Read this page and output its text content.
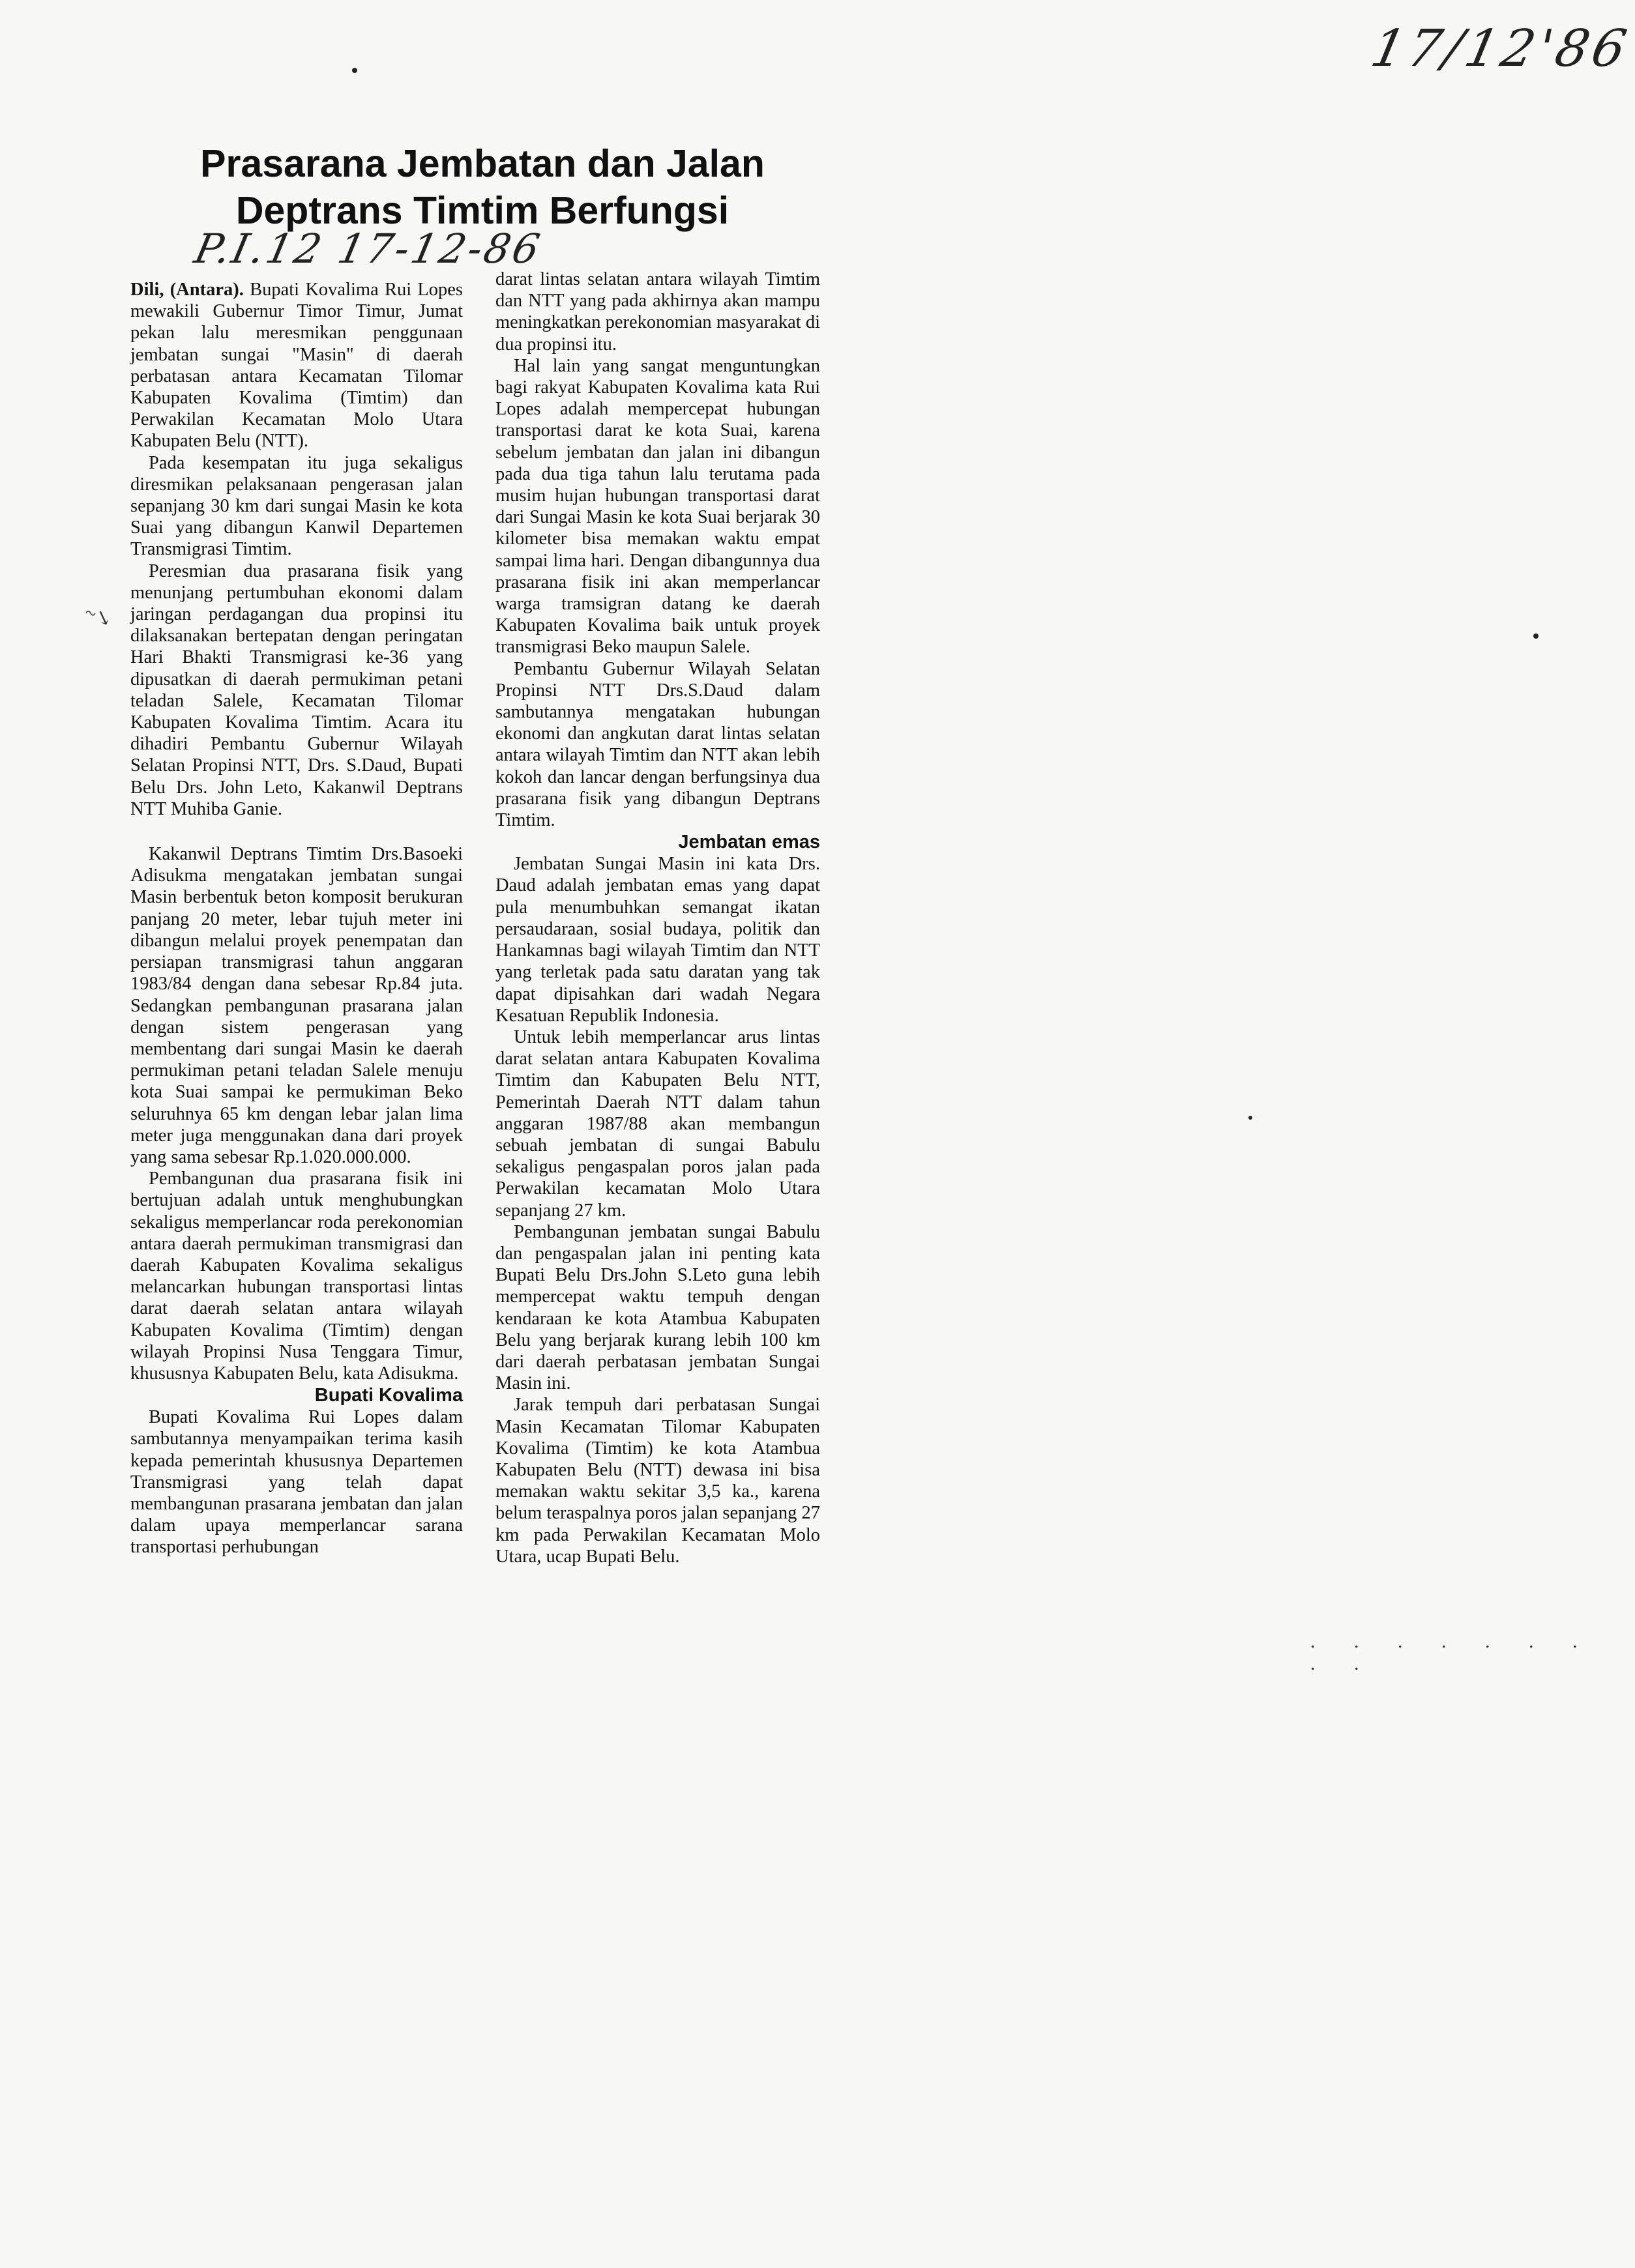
17/12'86
P.I.12 17-12-86
~↘
. . . . . . . . .
Prasarana Jembatan dan Jalan Deptrans Timtim Berfungsi

Dili, (Antara). Bupati Kovalima Rui Lopes mewakili Gubernur Timor Timur, Jumat pekan lalu meresmikan penggunaan jembatan sungai "Masin" di daerah perbatasan antara Kecamatan Tilomar Kabupaten Kovalima (Timtim) dan Perwakilan Kecamatan Molo Utara Kabupaten Belu (NTT).

Pada kesempatan itu juga sekaligus diresmikan pelaksanaan pengerasan jalan sepanjang 30 km dari sungai Masin ke kota Suai yang dibangun Kanwil Departemen Transmigrasi Timtim.

Peresmian dua prasarana fisik yang menunjang pertumbuhan ekonomi dalam jaringan perdagangan dua propinsi itu dilaksanakan bertepatan dengan peringatan Hari Bhakti Transmigrasi ke-36 yang dipusatkan di daerah permukiman petani teladan Salele, Kecamatan Tilomar Kabupaten Kovalima Timtim. Acara itu dihadiri Pembantu Gubernur Wilayah Selatan Propinsi NTT, Drs. S.Daud, Bupati Belu Drs. John Leto, Kakanwil Deptrans NTT Muhiba Ganie.

Kakanwil Deptrans Timtim Drs.Basoeki Adisukma mengatakan jembatan sungai Masin berbentuk beton komposit berukuran panjang 20 meter, lebar tujuh meter ini dibangun melalui proyek penempatan dan persiapan transmigrasi tahun anggaran 1983/84 dengan dana sebesar Rp.84 juta. Sedangkan pembangunan prasarana jalan dengan sistem pengerasan yang membentang dari sungai Masin ke daerah permukiman petani teladan Salele menuju kota Suai sampai ke permukiman Beko seluruhnya 65 km dengan lebar jalan lima meter juga menggunakan dana dari proyek yang sama sebesar Rp.1.020.000.000.

Pembangunan dua prasarana fisik ini bertujuan adalah untuk menghubungkan sekaligus memperlancar roda perekonomian antara daerah permukiman transmigrasi dan daerah Kabupaten Kovalima sekaligus melancarkan hubungan transportasi lintas darat daerah selatan antara wilayah Kabupaten Kovalima (Timtim) dengan wilayah Propinsi Nusa Tenggara Timur, khususnya Kabupaten Belu, kata Adisukma.

Bupati Kovalima

Bupati Kovalima Rui Lopes dalam sambutannya menyampaikan terima kasih kepada pemerintah khususnya Departemen Transmigrasi yang telah dapat membangunan prasarana jembatan dan jalan dalam upaya memperlancar sarana transportasi perhubungan

darat lintas selatan antara wilayah Timtim dan NTT yang pada akhirnya akan mampu meningkatkan perekonomian masyarakat di dua propinsi itu.

Hal lain yang sangat menguntungkan bagi rakyat Kabupaten Kovalima kata Rui Lopes adalah mempercepat hubungan transportasi darat ke kota Suai, karena sebelum jembatan dan jalan ini dibangun pada dua tiga tahun lalu terutama pada musim hujan hubungan transportasi darat dari Sungai Masin ke kota Suai berjarak 30 kilometer bisa memakan waktu empat sampai lima hari. Dengan dibangunnya dua prasarana fisik ini akan memperlancar warga tramsigran datang ke daerah Kabupaten Kovalima baik untuk proyek transmigrasi Beko maupun Salele.

Pembantu Gubernur Wilayah Selatan Propinsi NTT Drs.S.Daud dalam sambutannya mengatakan hubungan ekonomi dan angkutan darat lintas selatan antara wilayah Timtim dan NTT akan lebih kokoh dan lancar dengan berfungsinya dua prasarana fisik yang dibangun Deptrans Timtim.

Jembatan emas

Jembatan Sungai Masin ini kata Drs. Daud adalah jembatan emas yang dapat pula menumbuhkan semangat ikatan persaudaraan, sosial budaya, politik dan Hankamnas bagi wilayah Timtim dan NTT yang terletak pada satu daratan yang tak dapat dipisahkan dari wadah Negara Kesatuan Republik Indonesia.

Untuk lebih memperlancar arus lintas darat selatan antara Kabupaten Kovalima Timtim dan Kabupaten Belu NTT, Pemerintah Daerah NTT dalam tahun anggaran 1987/88 akan membangun sebuah jembatan di sungai Babulu sekaligus pengaspalan poros jalan pada Perwakilan kecamatan Molo Utara sepanjang 27 km.

Pembangunan jembatan sungai Babulu dan pengaspalan jalan ini penting kata Bupati Belu Drs.John S.Leto guna lebih mempercepat waktu tempuh dengan kendaraan ke kota Atambua Kabupaten Belu yang berjarak kurang lebih 100 km dari daerah perbatasan jembatan Sungai Masin ini.

Jarak tempuh dari perbatasan Sungai Masin Kecamatan Tilomar Kabupaten Kovalima (Timtim) ke kota Atambua Kabupaten Belu (NTT) dewasa ini bisa memakan waktu sekitar 3,5 ka., karena belum teraspalnya poros jalan sepanjang 27 km pada Perwakilan Kecamatan Molo Utara, ucap Bupati Belu.
